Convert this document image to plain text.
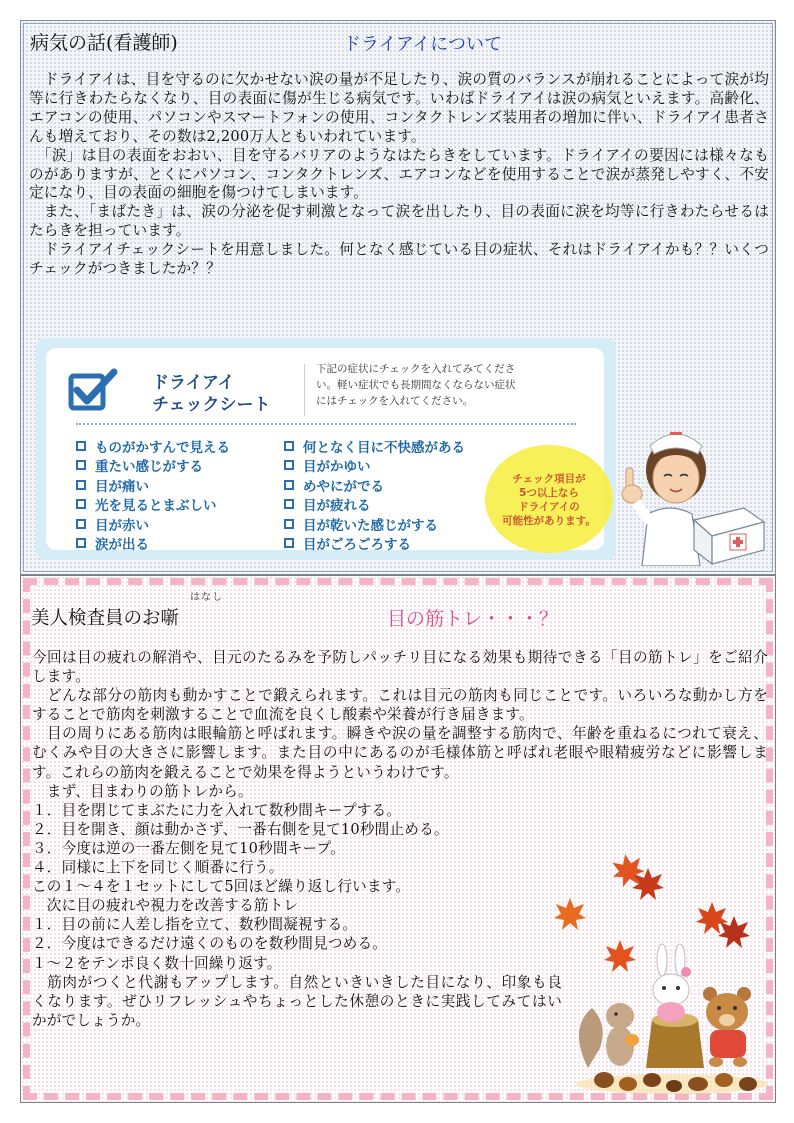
病気の話(看護師)	ドライアイについて

　ドライアイは、目を守るのに欠かせない涙の量が不足したり、涙の質のバランスが崩れることによって涙が均等に行きわたらなくなり、目の表面に傷が生じる病気です。いわばドライアイは涙の病気といえます。高齢化、エアコンの使用、パソコンやスマートフォンの使用、コンタクトレンズ装用者の増加に伴い、ドライアイ患者さんも増えており、その数は2,200万人ともいわれています。

　「涙」は目の表面をおおい、目を守るバリアのようなはたらきをしています。ドライアイの要因には様々なものがありますが、とくにパソコン、コンタクトレンズ、エアコンなどを使用することで涙が蒸発しやすく、不安定になり、目の表面の細胞を傷つけてしまいます。

　また、「まばたき」は、涙の分泌を促す刺激となって涙を出したり、目の表面に涙を均等に行きわたらせるはたらきを担っています。

　ドライアイチェックシートを用意しました。何となく感じている目の症状、それはドライアイかも？？いくつチェックがつきましたか？？

ドライアイ
チェックシート
下記の症状にチェックを入れてみてくださ
い。軽い症状でも長期間なくならない症状
にはチェックを入れてください。
ものがかすんで見える
重たい感じがする
目が痛い
光を見るとまぶしい
目が赤い
涙が出る
何となく目に不快感がある
目がかゆい
めやにがでる
目が疲れる
目が乾いた感じがする
目がごろごろする
チェック項目が
5つ以上なら
ドライアイの
可能性があります。
はなし
美人検査員のお噺	目の筋トレ・・・？

今回は目の疲れの解消や、目元のたるみを予防しパッチリ目になる効果も期待できる「目の筋トレ」をご紹介します。

　どんな部分の筋肉も動かすことで鍛えられます。これは目元の筋肉も同じことです。いろいろな動かし方をすることで筋肉を刺激することで血流を良くし酸素や栄養が行き届きます。

　目の周りにある筋肉は眼輪筋と呼ばれます。瞬きや涙の量を調整する筋肉で、年齢を重ねるにつれて衰え、むくみや目の大きさに影響します。また目の中にあるのが毛様体筋と呼ばれ老眼や眼精疲労などに影響します。これらの筋肉を鍛えることで効果を得ようというわけです。

　まず、目まわりの筋トレから。

１．目を閉じてまぶたに力を入れて数秒間キープする。

２．目を開き、顔は動かさず、一番右側を見て10秒間止める。

３．今度は逆の一番左側を見て10秒間キープ。

４．同様に上下を同じく順番に行う。

この１～４を１セットにして5回ほど繰り返し行います。

　次に目の疲れや視力を改善する筋トレ

１．目の前に人差し指を立て、数秒間凝視する。

２．今度はできるだけ遠くのものを数秒間見つめる。

１～２をテンポ良く数十回繰り返す。

　筋肉がつくと代謝もアップします。自然といきいきした目になり、印象も良くなります。ぜひリフレッシュやちょっとした休憩のときに実践してみてはいかがでしょうか。
